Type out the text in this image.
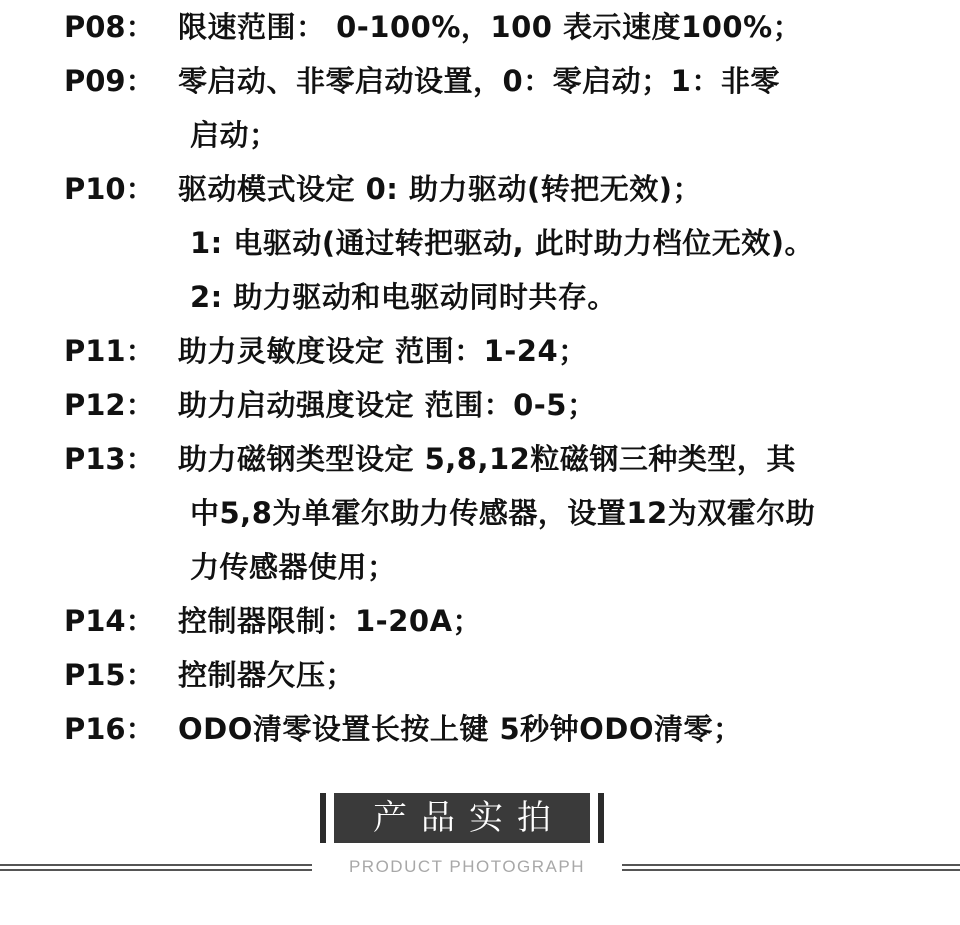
P08： 限速范围： 0-100%，100 表示速度100%；
P09： 零启动、非零启动设置，0：零启动；1：非零
启动；
P10： 驱动模式设定 0: 助力驱动(转把无效)；
1: 电驱动(通过转把驱动, 此时助力档位无效)。
2: 助力驱动和电驱动同时共存。
P11： 助力灵敏度设定 范围：1-24；
P12： 助力启动强度设定 范围：0-5；
P13： 助力磁钢类型设定 5,8,12粒磁钢三种类型，其
中5,8为单霍尔助力传感器，设置12为双霍尔助
力传感器使用；
P14： 控制器限制：1-20A；
P15： 控制器欠压；
P16： ODO清零设置长按上键 5秒钟ODO清零；
产品实拍
PRODUCT PHOTOGRAPH
